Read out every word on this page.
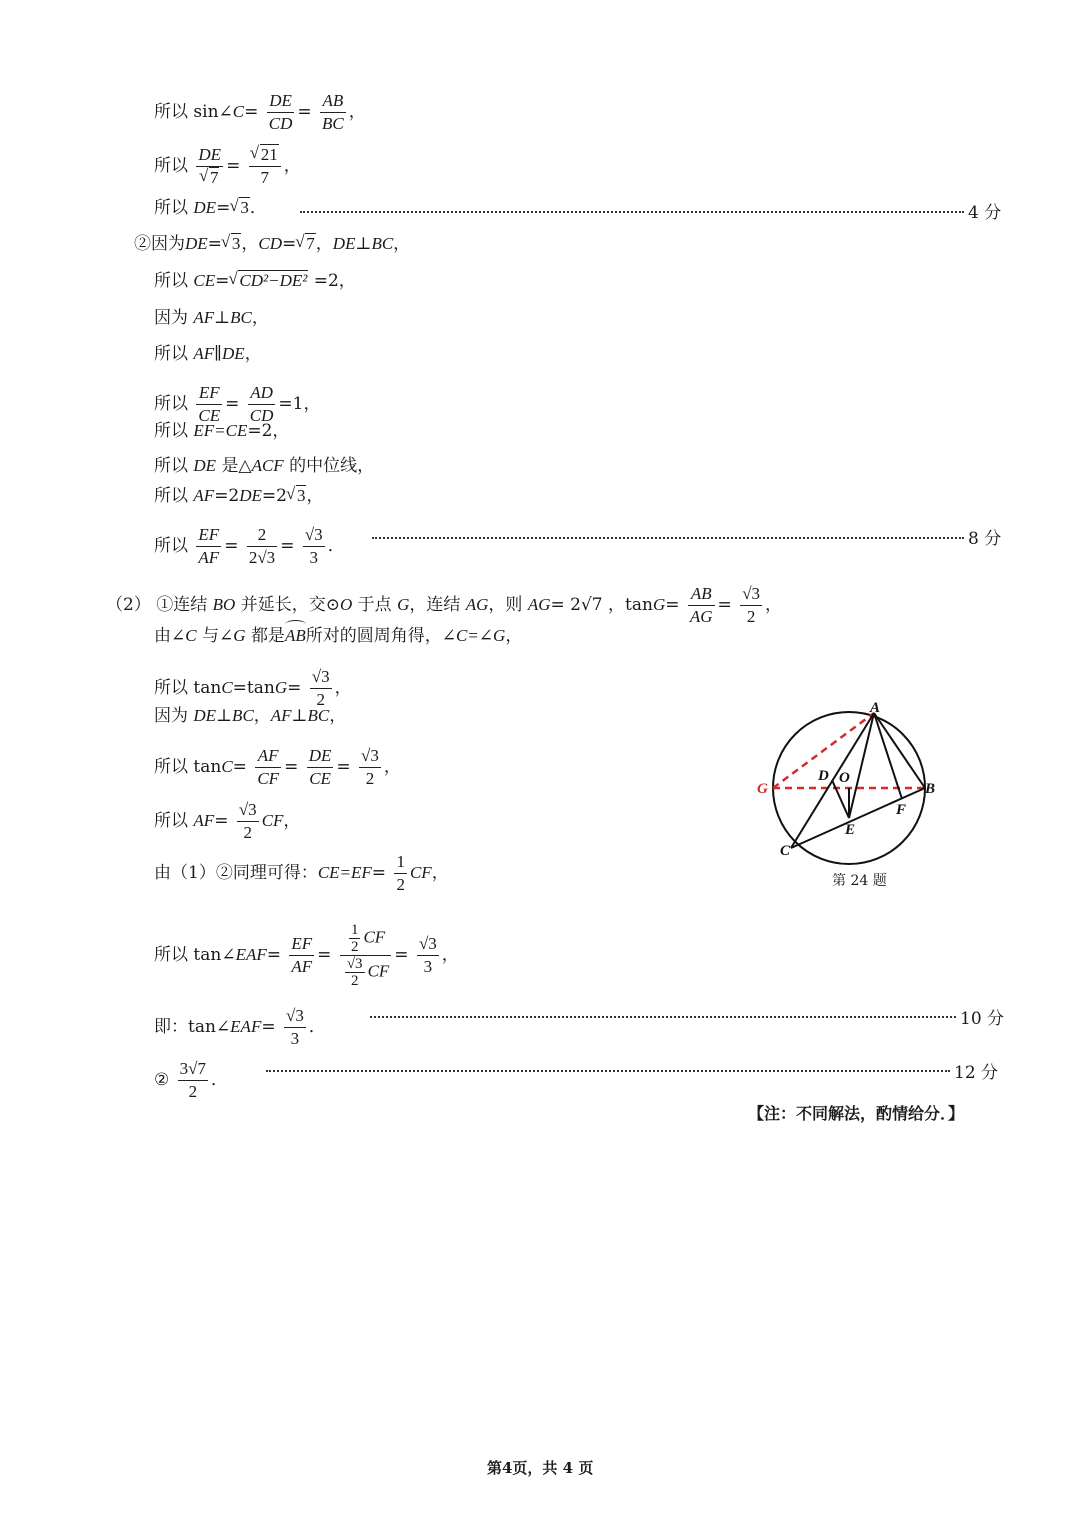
所以 sin∠C= $\frac{DE}{CD} = \frac{AB}{BC}$ ，
所以 DE
√ 7 = √ $\frac{21}{7}$ ，
所以 DE= √ 3．	4 分
②因为DE= √ 3，CD= √ 7，DE⊥BC，
所以 CE= √ CD²−DE² =2，
因为 AF⊥BC，
所以 AF∥DE，
所以 $\frac{EF}{CE} = \frac{AD}{CD} =1$，
所以 EF=CE=2，
所以 DE 是△ACF 的中位线，
所以 AF=2DE=2 √ 3，
所以 $\frac{EF}{AF} = \frac{2}{2√3} = \frac{√3}{3}$ ．	8 分
（2） ①连结 BO 并延长，交⊙O 于点 G，连结 AG，则 AG= 2√7 ，$\tan G= \frac{AB}{AG} = \frac{√3}{2}$ ，
由∠C 与∠G 都是AB
所对的圆周角得，∠C=∠G，
所以 $\tan C=\tan G= \frac{√3}{2}$ ，
因为 DE⊥BC，AF⊥BC，
所以 $\tan C= \frac{AF}{CF} = \frac{DE}{CE} = \frac{√3}{2}$ ，
所以 $AF= \frac{√3}{2}$ CF，
由（1）②同理可得：$CE=EF= \frac{1}{2}$ CF，
所以 tan∠EAF= $\frac{EF}{AF} = \frac{\frac{1}{2} CF}{\frac{√3}{2} CF} = \frac{√3}{3}$ ，
即：tan∠EAF= $\frac{√3}{3}$ ．	10 分
② $\frac{3√7}{2}$ ．	12 分
【注：不同解法，酌情给分．】
A
B
C
D O
E
F
G
第 24 题
第4页，共 4 页
